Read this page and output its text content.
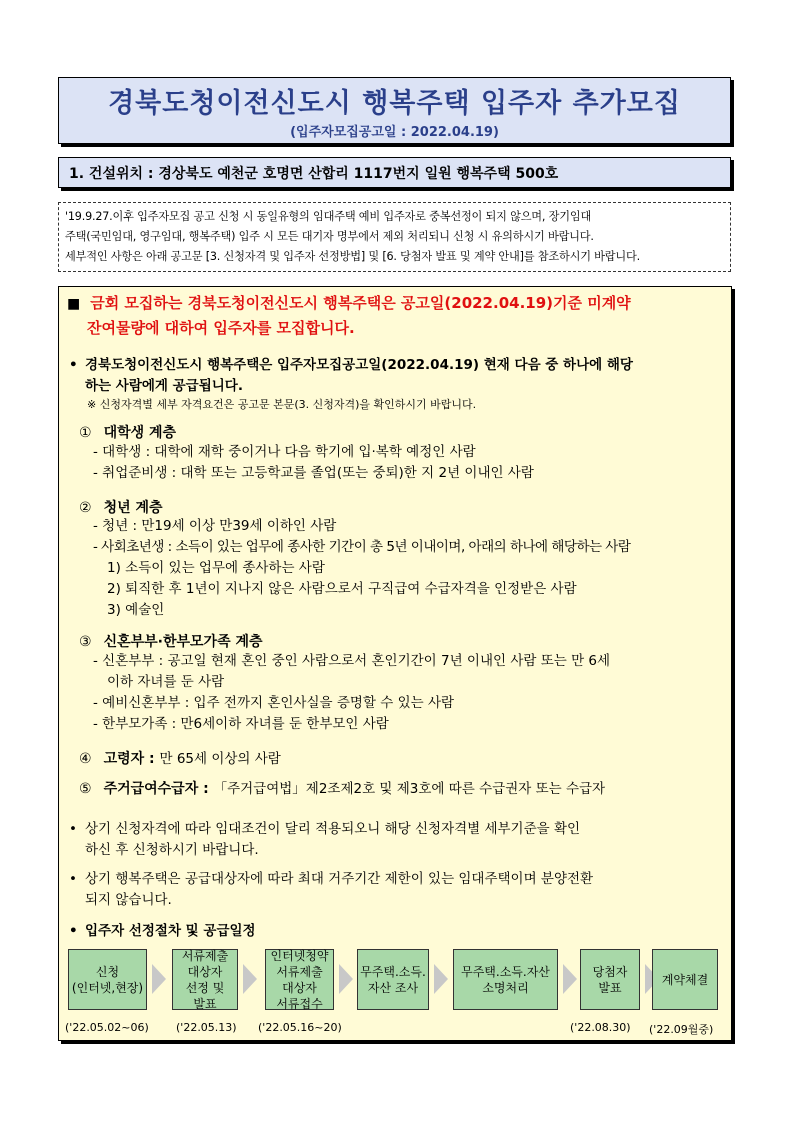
경북도청이전신도시 행복주택 입주자 추가모집
(입주자모집공고일 : 2022.04.19)
1. 건설위치 : 경상북도 예천군 호명면 산합리 1117번지 일원 행복주택 500호
'19.9.27.이후 입주자모집 공고 신청 시 동일유형의 임대주택 예비 입주자로 중복선정이 되지 않으며, 장기임대
주택(국민임대, 영구임대, 행복주택) 입주 시 모든 대기자 명부에서 제외 처리되니 신청 시 유의하시기 바랍니다.
세부적인 사항은 아래 공고문 [3. 신청자격 및 입주자 선정방법] 및 [6. 당첨자 발표 및 계약 안내]를 참조하시기 바랍니다.
■ 금회 모집하는 경북도청이전신도시 행복주택은 공고일(2022.04.19)기준 미계약
잔여물량에 대하여 입주자를 모집합니다.
• 경북도청이전신도시 행복주택은 입주자모집공고일(2022.04.19) 현재 다음 중 하나에 해당
하는 사람에게 공급됩니다.
※ 신청자격별 세부 자격요건은 공고문 본문(3. 신청자격)을 확인하시기 바랍니다.
① 대학생 계층
- 대학생 : 대학에 재학 중이거나 다음 학기에 입·복학 예정인 사람
- 취업준비생 : 대학 또는 고등학교를 졸업(또는 중퇴)한 지 2년 이내인 사람
② 청년 계층
- 청년 : 만19세 이상 만39세 이하인 사람
- 사회초년생 : 소득이 있는 업무에 종사한 기간이 총 5년 이내이며, 아래의 하나에 해당하는 사람
1) 소득이 있는 업무에 종사하는 사람
2) 퇴직한 후 1년이 지나지 않은 사람으로서 구직급여 수급자격을 인정받은 사람
3) 예술인
③ 신혼부부·한부모가족 계층
- 신혼부부 : 공고일 현재 혼인 중인 사람으로서 혼인기간이 7년 이내인 사람 또는 만 6세
이하 자녀를 둔 사람
- 예비신혼부부 : 입주 전까지 혼인사실을 증명할 수 있는 사람
- 한부모가족 : 만6세이하 자녀를 둔 한부모인 사람
④ 고령자 : 만 65세 이상의 사람
⑤ 주거급여수급자 : 「주거급여법」제2조제2호 및 제3호에 따른 수급권자 또는 수급자
• 상기 신청자격에 따라 임대조건이 달리 적용되오니 해당 신청자격별 세부기준을 확인
하신 후 신청하시기 바랍니다.
• 상기 행복주택은 공급대상자에 따라 최대 거주기간 제한이 있는 임대주택이며 분양전환
되지 않습니다.
• 입주자 선정절차 및 공급일정
신청
(인터넷,현장)
서류제출
대상자
선정 및
발표
인터넷청약
서류제출
대상자
서류접수
무주택.소득.
자산 조사
무주택.소득.자산
소명처리
당첨자
발표
계약체결
('22.05.02~06) ('22.05.13) ('22.05.16~20)	('22.08.30) ('22.09월중)
